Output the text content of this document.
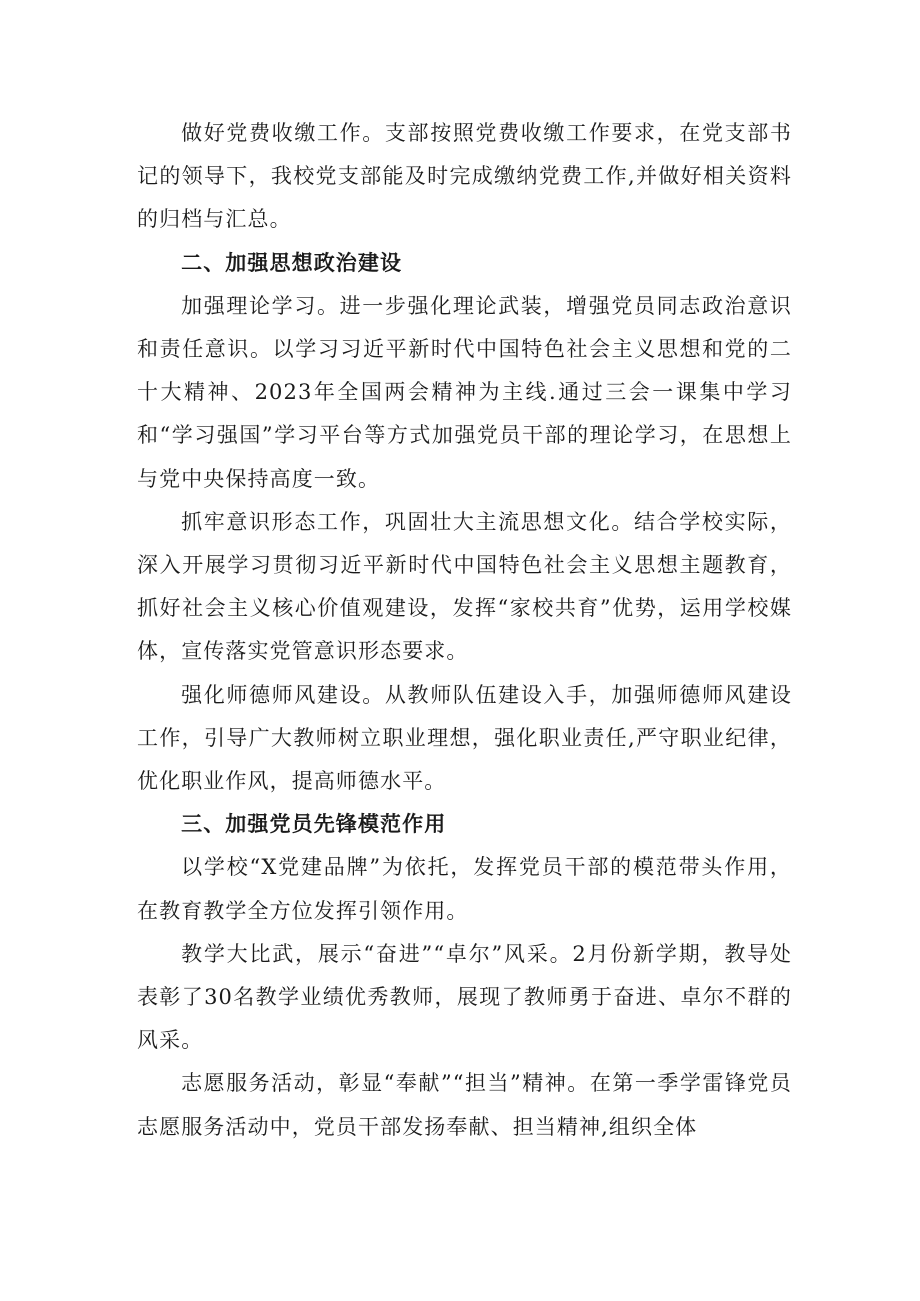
做好党费收缴工作。支部按照党费收缴工作要求，在党支部书记的领导下，我校党支部能及时完成缴纳党费工作,并做好相关资料的归档与汇总。

二、加强思想政治建设

加强理论学习。进一步强化理论武装，增强党员同志政治意识和责任意识。以学习习近平新时代中国特色社会主义思想和党的二十大精神、2023年全国两会精神为主线.通过三会一课集中学习和“学习强国”学习平台等方式加强党员干部的理论学习，在思想上与党中央保持高度一致。

抓牢意识形态工作，巩固壮大主流思想文化。结合学校实际，深入开展学习贯彻习近平新时代中国特色社会主义思想主题教育，抓好社会主义核心价值观建设，发挥“家校共育”优势，运用学校媒体，宣传落实党管意识形态要求。

强化师德师风建设。从教师队伍建设入手，加强师德师风建设工作，引导广大教师树立职业理想，强化职业责任,严守职业纪律，优化职业作风，提高师德水平。

三、加强党员先锋模范作用

以学校“X党建品牌”为依托，发挥党员干部的模范带头作用，在教育教学全方位发挥引领作用。

教学大比武，展示“奋进”“卓尔”风采。2月份新学期，教导处表彰了30名教学业绩优秀教师，展现了教师勇于奋进、卓尔不群的风采。

志愿服务活动，彰显“奉献”“担当”精神。在第一季学雷锋党员志愿服务活动中，党员干部发扬奉献、担当精神,组织全体
